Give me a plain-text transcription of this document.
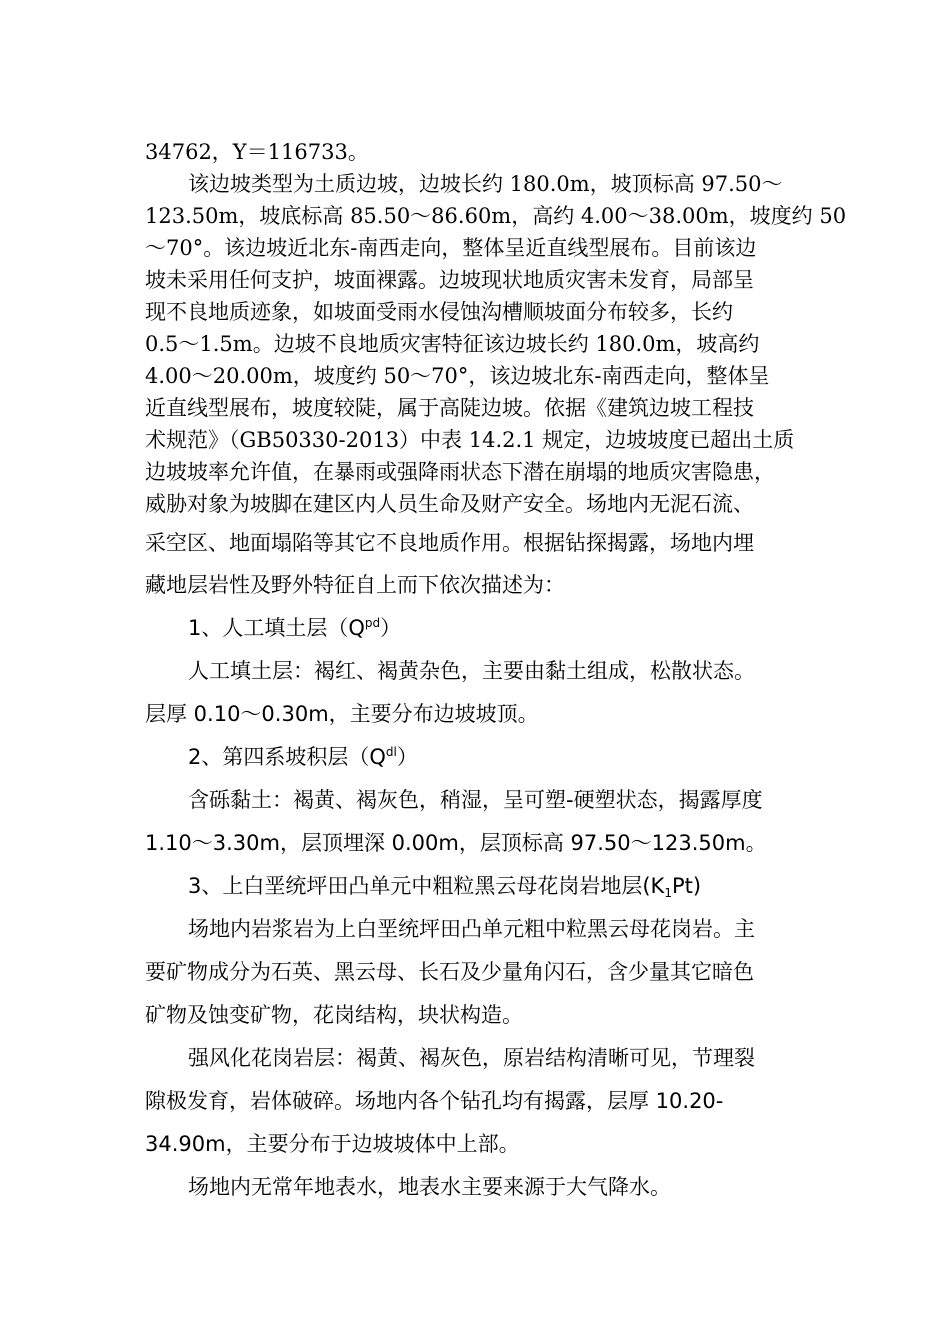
34762，Y＝116733。
该边坡类型为土质边坡，边坡长约 180.0m，坡顶标高 97.50～
123.50m，坡底标高 85.50～86.60m，高约 4.00～38.00m，坡度约 50
～70°。该边坡近北东-南西走向，整体呈近直线型展布。目前该边
坡未采用任何支护，坡面裸露。边坡现状地质灾害未发育，局部呈
现不良地质迹象，如坡面受雨水侵蚀沟槽顺坡面分布较多，长约
0.5～1.5m。边坡不良地质灾害特征该边坡长约 180.0m，坡高约
4.00～20.00m，坡度约 50～70°，该边坡北东-南西走向，整体呈
近直线型展布，坡度较陡，属于高陡边坡。依据《建筑边坡工程技
术规范》（GB50330-2013）中表 14.2.1 规定，边坡坡度已超出土质
边坡坡率允许值，在暴雨或强降雨状态下潜在崩塌的地质灾害隐患，
威胁对象为坡脚在建区内人员生命及财产安全。场地内无泥石流、
采空区、地面塌陷等其它不良地质作用。根据钻探揭露，场地内埋
藏地层岩性及野外特征自上而下依次描述为：
1、人工填土层$(Q^{pd})$
人工填土层：褐红、褐黄杂色，主要由黏土组成，松散状态。
层厚 0.10～0.30m，主要分布边坡坡顶。
2、第四系坡积层$(Q^{dl})$
含砾黏土：褐黄、褐灰色，稍湿，呈可塑-硬塑状态，揭露厚度
1.10～3.30m，层顶埋深 0.00m，层顶标高 97.50～123.50m。
3、上白垩统坪田凸单元中粗粒黑云母花岗岩地层$(K_1Pt)$
场地内岩浆岩为上白垩统坪田凸单元粗中粒黑云母花岗岩。主
要矿物成分为石英、黑云母、长石及少量角闪石，含少量其它暗色
矿物及蚀变矿物，花岗结构，块状构造。
强风化花岗岩层：褐黄、褐灰色，原岩结构清晰可见，节理裂
隙极发育，岩体破碎。场地内各个钻孔均有揭露，层厚 10.20-
34.90m，主要分布于边坡坡体中上部。
场地内无常年地表水，地表水主要来源于大气降水。
